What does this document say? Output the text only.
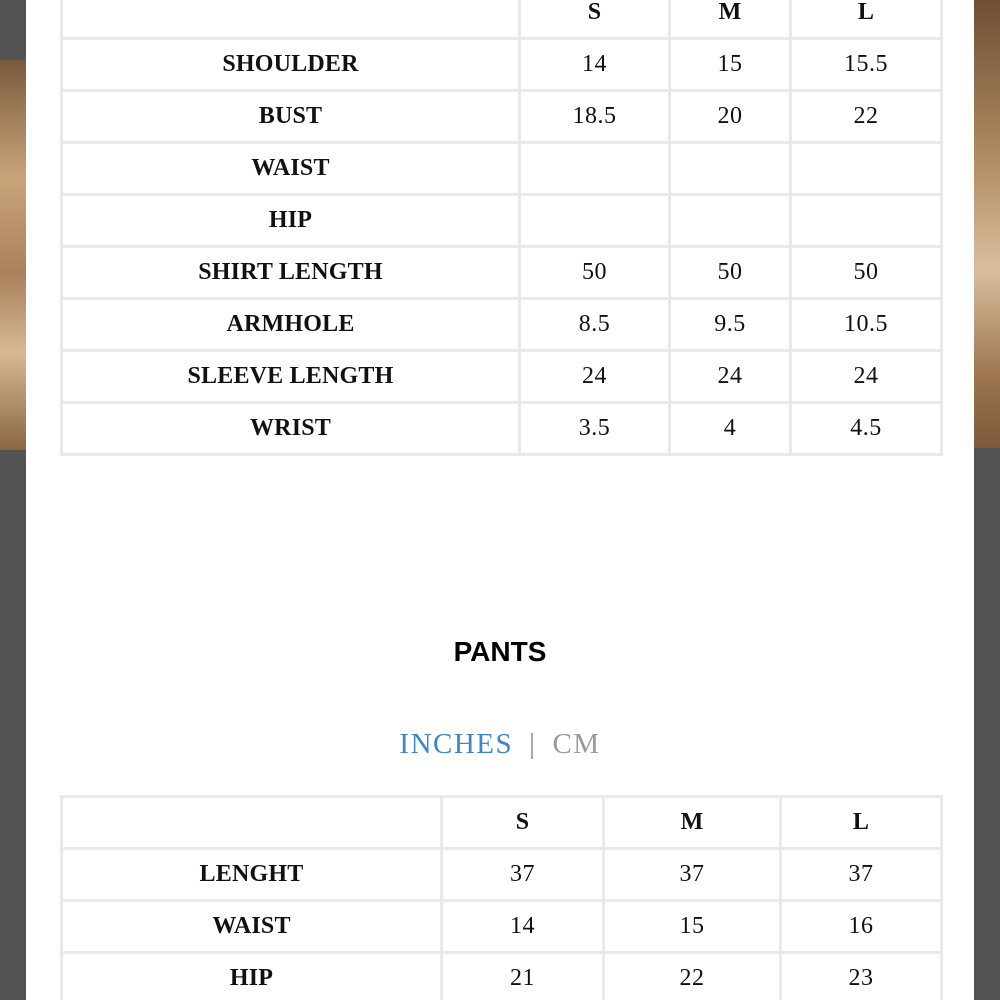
	S	M	L
SHOULDER	14	15	15.5
BUST	18.5	20	22
WAIST			
HIP			
SHIRT LENGTH	50	50	50
ARMHOLE	8.5	9.5	10.5
SLEEVE LENGTH	24	24	24
WRIST	3.5	4	4.5
PANTS
INCHES | CM
	S	M	L
LENGHT	37	37	37
WAIST	14	15	16
HIP	21	22	23
